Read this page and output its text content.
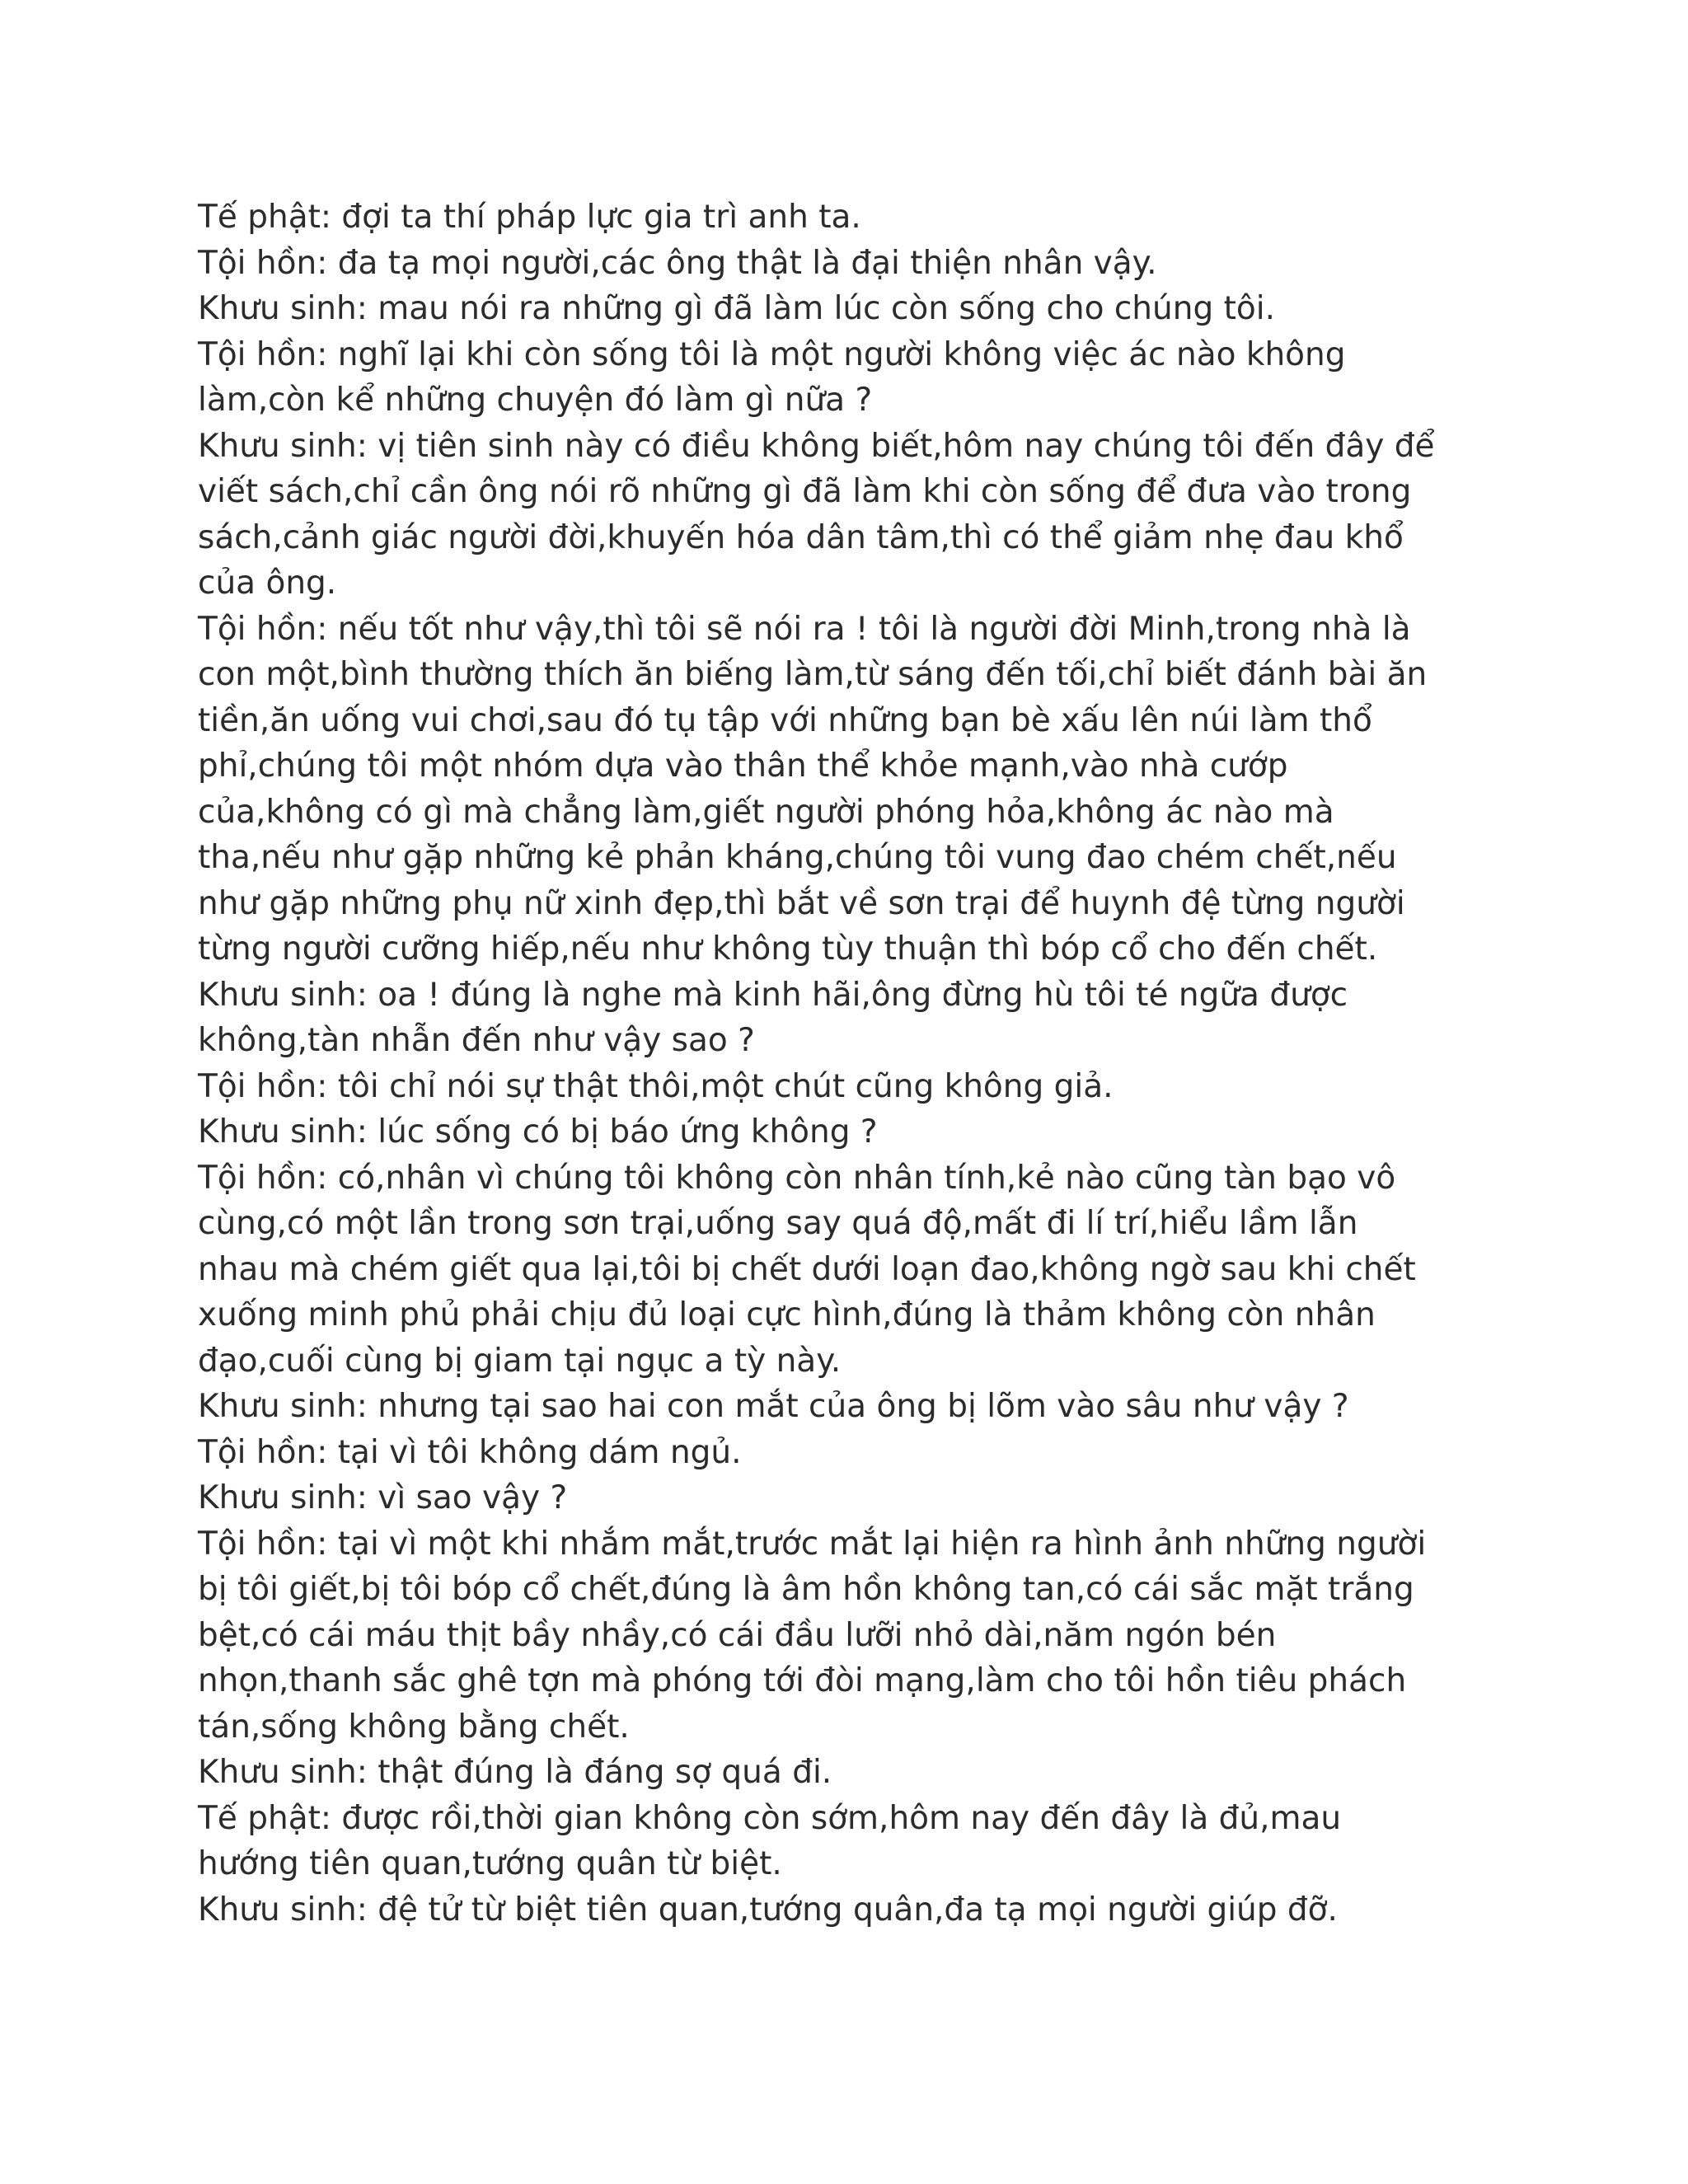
Tế phật: đợi ta thí pháp lực gia trì anh ta.
Tội hồn: đa tạ mọi người,các ông thật là đại thiện nhân vậy.
Khưu sinh: mau nói ra những gì đã làm lúc còn sống cho chúng tôi.
Tội hồn: nghĩ lại khi còn sống tôi là một người không việc ác nào không
làm,còn kể những chuyện đó làm gì nữa ?
Khưu sinh: vị tiên sinh này có điều không biết,hôm nay chúng tôi đến đây để
viết sách,chỉ cần ông nói rõ những gì đã làm khi còn sống để đưa vào trong
sách,cảnh giác người đời,khuyến hóa dân tâm,thì có thể giảm nhẹ đau khổ
của ông.
Tội hồn: nếu tốt như vậy,thì tôi sẽ nói ra ! tôi là người đời Minh,trong nhà là
con một,bình thường thích ăn biếng làm,từ sáng đến tối,chỉ biết đánh bài ăn
tiền,ăn uống vui chơi,sau đó tụ tập với những bạn bè xấu lên núi làm thổ
phỉ,chúng tôi một nhóm dựa vào thân thể khỏe mạnh,vào nhà cướp
của,không có gì mà chẳng làm,giết người phóng hỏa,không ác nào mà
tha,nếu như gặp những kẻ phản kháng,chúng tôi vung đao chém chết,nếu
như gặp những phụ nữ xinh đẹp,thì bắt về sơn trại để huynh đệ từng người
từng người cưỡng hiếp,nếu như không tùy thuận thì bóp cổ cho đến chết.
Khưu sinh: oa ! đúng là nghe mà kinh hãi,ông đừng hù tôi té ngữa được
không,tàn nhẫn đến như vậy sao ?
Tội hồn: tôi chỉ nói sự thật thôi,một chút cũng không giả.
Khưu sinh: lúc sống có bị báo ứng không ?
Tội hồn: có,nhân vì chúng tôi không còn nhân tính,kẻ nào cũng tàn bạo vô
cùng,có một lần trong sơn trại,uống say quá độ,mất đi lí trí,hiểu lầm lẫn
nhau mà chém giết qua lại,tôi bị chết dưới loạn đao,không ngờ sau khi chết
xuống minh phủ phải chịu đủ loại cực hình,đúng là thảm không còn nhân
đạo,cuối cùng bị giam tại ngục a tỳ này.
Khưu sinh: nhưng tại sao hai con mắt của ông bị lõm vào sâu như vậy ?
Tội hồn: tại vì tôi không dám ngủ.
Khưu sinh: vì sao vậy ?
Tội hồn: tại vì một khi nhắm mắt,trước mắt lại hiện ra hình ảnh những người
bị tôi giết,bị tôi bóp cổ chết,đúng là âm hồn không tan,có cái sắc mặt trắng
bệt,có cái máu thịt bầy nhầy,có cái đầu lưỡi nhỏ dài,năm ngón bén
nhọn,thanh sắc ghê tợn mà phóng tới đòi mạng,làm cho tôi hồn tiêu phách
tán,sống không bằng chết.
Khưu sinh: thật đúng là đáng sợ quá đi.
Tế phật: được rồi,thời gian không còn sớm,hôm nay đến đây là đủ,mau
hướng tiên quan,tướng quân từ biệt.
Khưu sinh: đệ tử từ biệt tiên quan,tướng quân,đa tạ mọi người giúp đỡ.
